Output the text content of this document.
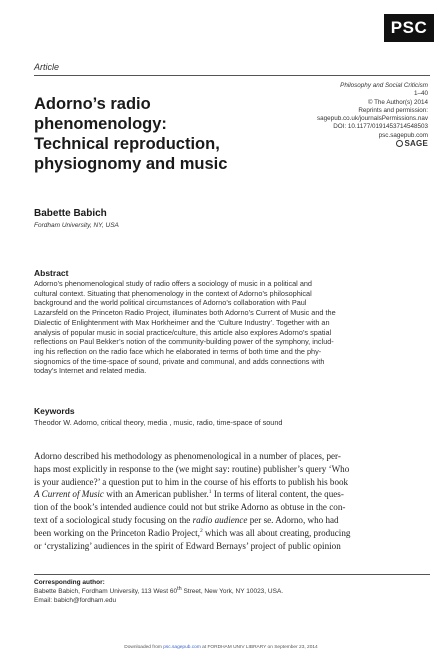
PSC
Article
Philosophy and Social Criticism
1–40
© The Author(s) 2014
Reprints and permission:
sagepub.co.uk/journalsPermissions.nav
DOI: 10.1177/0191453714548503
psc.sagepub.com
SAGE
Adorno’s radio
phenomenology:
Technical reproduction,
physiognomy and music
Babette Babich
Fordham University, NY, USA
Abstract
Adorno’s phenomenological study of radio offers a sociology of music in a political and
cultural context. Situating that phenomenology in the context of Adorno’s philosophical
background and the world political circumstances of Adorno’s collaboration with Paul
Lazarsfeld on the Princeton Radio Project, illuminates both Adorno’s Current of Music and the
Dialectic of Enlightenment with Max Horkheimer and the ‘Culture Industry’. Together with an
analysis of popular music in social practice/culture, this article also explores Adorno’s spatial
reflections on Paul Bekker’s notion of the community-building power of the symphony, includ-
ing his reflection on the radio face which he elaborated in terms of both time and the phy-
siognomics of the time-space of sound, private and communal, and adds connections with
today’s Internet and related media.
Keywords
Theodor W. Adorno, critical theory, media , music, radio, time-space of sound
Adorno described his methodology as phenomenological in a number of places, per-
haps most explicitly in response to the (we might say: routine) publisher’s query ‘Who
is your audience?’ a question put to him in the course of his efforts to publish his book
A Current of Music with an American publisher.$^1$ In terms of literal content, the ques-
tion of the book’s intended audience could not but strike Adorno as obtuse in the con-
text of a sociological study focusing on the radio audience per se. Adorno, who had
been working on the Princeton Radio Project,$^2$ which was all about creating, producing
or ‘crystalizing’ audiences in the spirit of Edward Bernays’ project of public opinion
Corresponding author:
Babette Babich, Fordham University, 113 West 60th Street, New York, NY 10023, USA.
Email: babich@fordham.edu
Downloaded from psc.sagepub.com at FORDHAM UNIV LIBRARY on September 23, 2014
